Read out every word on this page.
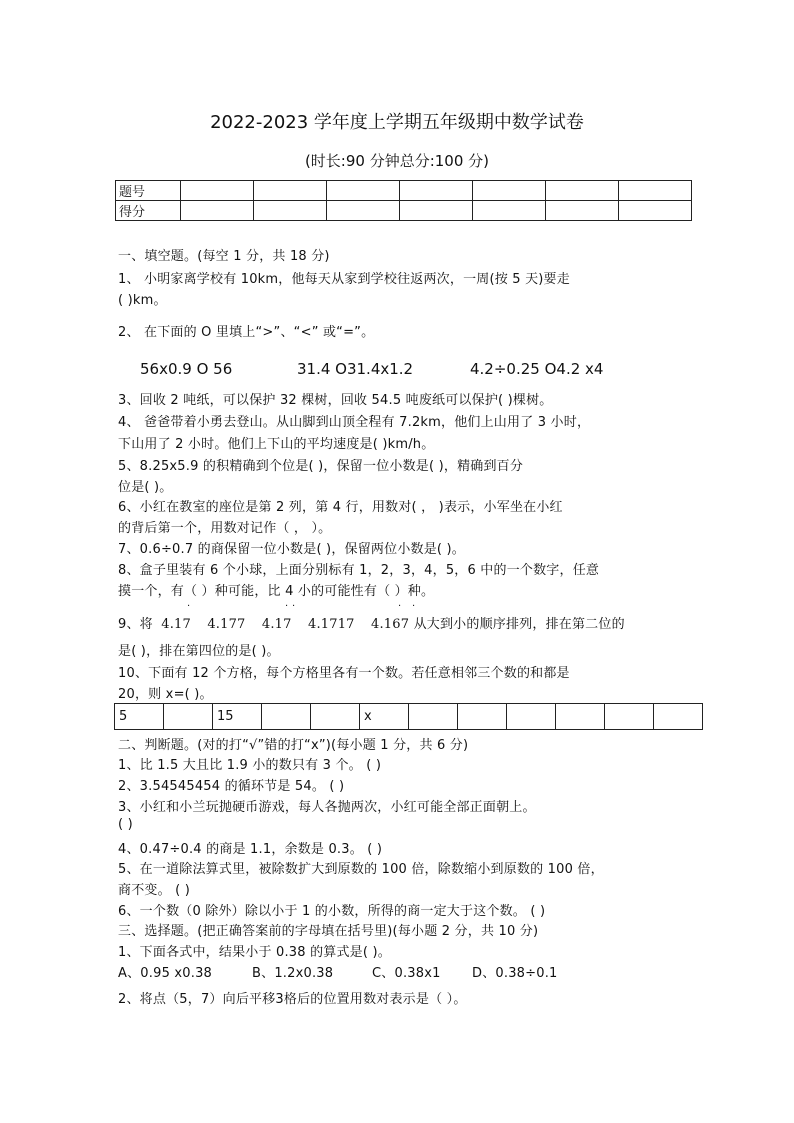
2022-2023 学年度上学期五年级期中数学试卷
(时长:90 分钟总分:100 分)
题号							
得分							
一、填空题。(每空 1 分，共 18 分)
1、 小明家离学校有 10km，他每天从家到学校往返两次，一周(按 5 天)要走
( )km。
2、 在下面的 O 里填上“>”、“<” 或“=”。
56x0.9 O 56	31.4 O31.4x1.2	4.2÷0.25 O4.2 x4
3、回收 2 吨纸，可以保护 32 棵树，回收 54.5 吨废纸可以保护( )棵树。
4、 爸爸带着小勇去登山。从山脚到山顶全程有 7.2km，他们上山用了 3 小时，
下山用了 2 小时。他们上下山的平均速度是( )km/h。
5、8.25x5.9 的积精确到个位是( )，保留一位小数是( )，精确到百分
位是( )。
6、小红在教室的座位是第 2 列，第 4 行，用数对( ， )表示，小军坐在小红
的背后第一个，用数对记作（ ， ）。
7、0.6÷0.7 的商保留一位小数是( )，保留两位小数是( )。
8、盒子里装有 6 个小球，上面分别标有 1，2，3，4，5，6 中的一个数字，任意
摸一个，有（ ）种可能，比 4 小的可能性有（ ）种。
9、将 4.17 4.177 4.17 4.1717 4.167 从大到小的顺序排列，排在第二位的
·	· ·	· ·
是( )，排在第四位的是( )。
10、下面有 12 个方格，每个方格里各有一个数。若任意相邻三个数的和都是
20，则 x=( )。
5		15			x						
二、判断题。(对的打“√”错的打“x”)(每小题 1 分，共 6 分)
1、比 1.5 大且比 1.9 小的数只有 3 个。 ( )
2、3.54545454 的循环节是 54。 ( )
3、小红和小兰玩抛硬币游戏，每人各抛两次，小红可能全部正面朝上。
( )
4、0.47÷0.4 的商是 1.1，余数是 0.3。 ( )
5、在一道除法算式里，被除数扩大到原数的 100 倍，除数缩小到原数的 100 倍，
商不变。 ( )
6、一个数（0 除外）除以小于 1 的小数，所得的商一定大于这个数。 ( )
三、选择题。(把正确答案前的字母填在括号里)(每小题 2 分，共 10 分)
1、下面各式中，结果小于 0.38 的算式是( )。
A、0.95 x0.38	B、1.2x0.38	C、0.38x1 D、0.38÷0.1
2、将点（5，7）向后平移3格后的位置用数对表示是（ ）。
